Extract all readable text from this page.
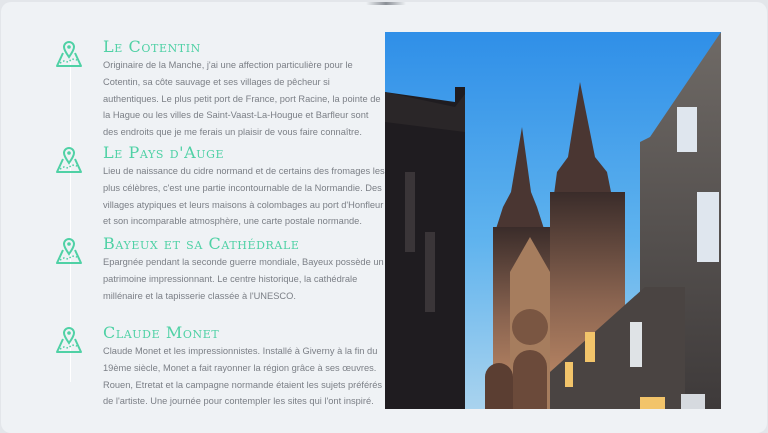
Le Cotentin

Originaire de la Manche, j'ai une affection particulière pour le Cotentin, sa côte sauvage et ses villages de pêcheur si authentiques. Le plus petit port de France, port Racine, la pointe de la Hague ou les villes de Saint-Vaast-La-Hougue et Barfleur sont des endroits que je me ferais un plaisir de vous faire connaître.

Le Pays d'Auge

Lieu de naissance du cidre normand et de certains des fromages les plus célèbres, c'est une partie incontournable de la Normandie. Des villages atypiques et leurs maisons à colombages au port d'Honfleur et son incomparable atmosphère, une carte postale normande.

Bayeux et sa Cathédrale

Epargnée pendant la seconde guerre mondiale, Bayeux possède un patrimoine impressionnant. Le centre historique, la cathédrale millénaire et la tapisserie classée à l'UNESCO.

Claude Monet

Claude Monet et les impressionnistes. Installé à Giverny à la fin du 19ème siècle, Monet a fait rayonner la région grâce à ses œuvres. Rouen, Etretat et la campagne normande étaient les sujets préférés de l'artiste. Une journée pour contempler les sites qui l'ont inspiré.
